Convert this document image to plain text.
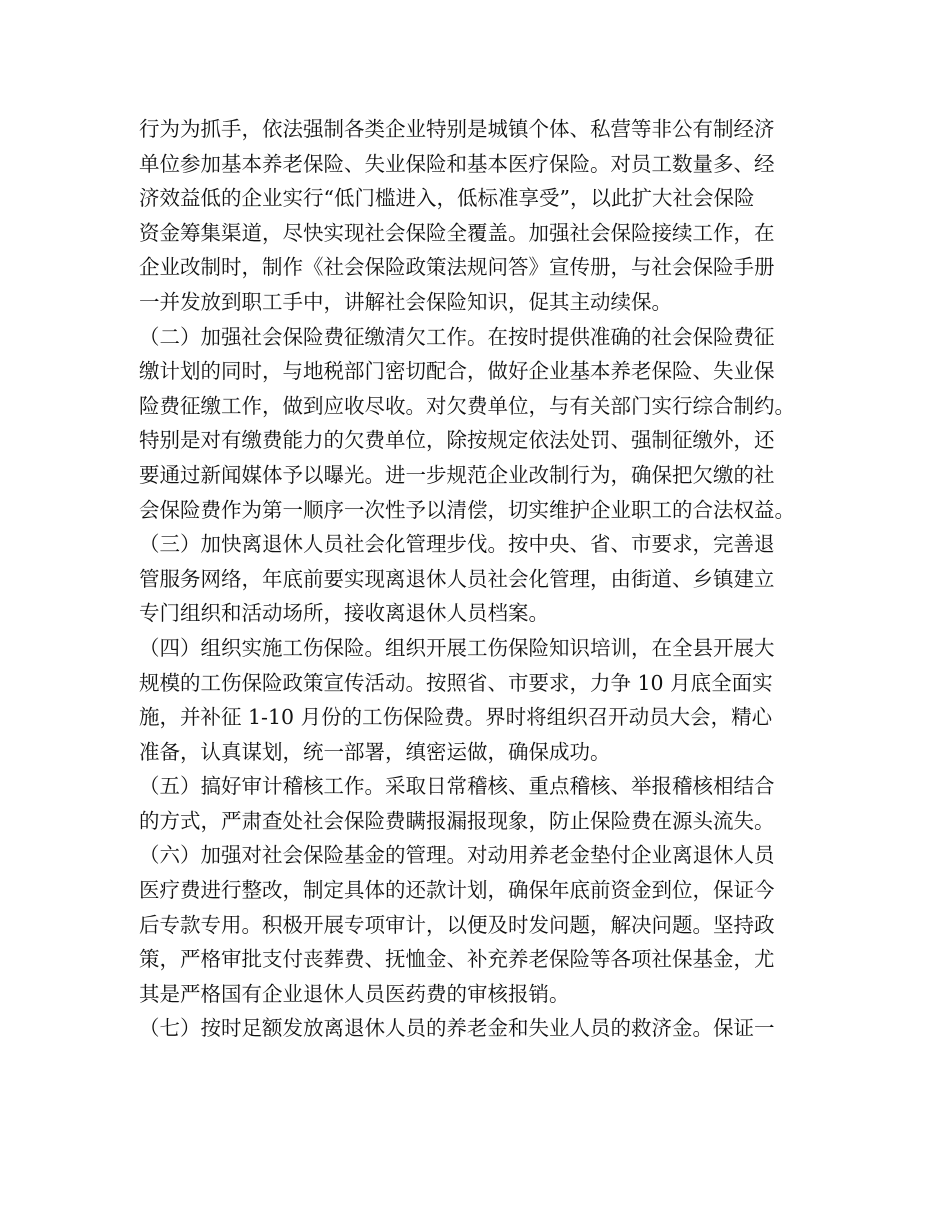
行为为抓手，依法强制各类企业特别是城镇个体、私营等非公有制经济

单位参加基本养老保险、失业保险和基本医疗保险。对员工数量多、经

济效益低的企业实行“低门槛进入，低标准享受”，以此扩大社会保险

资金筹集渠道，尽快实现社会保险全覆盖。加强社会保险接续工作，在

企业改制时，制作《社会保险政策法规问答》宣传册，与社会保险手册

一并发放到职工手中，讲解社会保险知识，促其主动续保。

（二）加强社会保险费征缴清欠工作。在按时提供准确的社会保险费征

缴计划的同时，与地税部门密切配合，做好企业基本养老保险、失业保

险费征缴工作，做到应收尽收。对欠费单位，与有关部门实行综合制约。

特别是对有缴费能力的欠费单位，除按规定依法处罚、强制征缴外，还

要通过新闻媒体予以曝光。进一步规范企业改制行为，确保把欠缴的社

会保险费作为第一顺序一次性予以清偿，切实维护企业职工的合法权益。

（三）加快离退休人员社会化管理步伐。按中央、省、市要求，完善退

管服务网络，年底前要实现离退休人员社会化管理，由街道、乡镇建立

专门组织和活动场所，接收离退休人员档案。

（四）组织实施工伤保险。组织开展工伤保险知识培训，在全县开展大

规模的工伤保险政策宣传活动。按照省、市要求，力争 10 月底全面实

施，并补征 1-10 月份的工伤保险费。界时将组织召开动员大会，精心

准备，认真谋划，统一部署，缜密运做，确保成功。

（五）搞好审计稽核工作。采取日常稽核、重点稽核、举报稽核相结合

的方式，严肃查处社会保险费瞒报漏报现象，防止保险费在源头流失。

（六）加强对社会保险基金的管理。对动用养老金垫付企业离退休人员

医疗费进行整改，制定具体的还款计划，确保年底前资金到位，保证今

后专款专用。积极开展专项审计，以便及时发问题，解决问题。坚持政

策，严格审批支付丧葬费、抚恤金、补充养老保险等各项社保基金，尤

其是严格国有企业退休人员医药费的审核报销。

（七）按时足额发放离退休人员的养老金和失业人员的救济金。保证一
